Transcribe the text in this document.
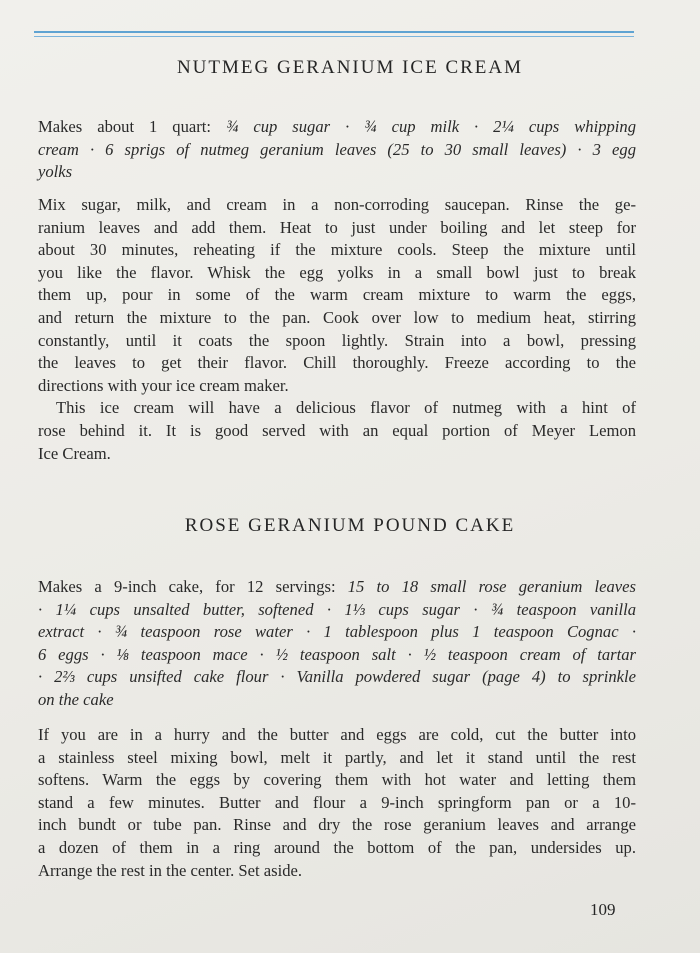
NUTMEG GERANIUM ICE CREAM
Makes about 1 quart: ¾ cup sugar · ¾ cup milk · 2¼ cups whipping
cream · 6 sprigs of nutmeg geranium leaves (25 to 30 small leaves) · 3 egg
yolks
Mix sugar, milk, and cream in a non-corroding saucepan. Rinse the ge-
ranium leaves and add them. Heat to just under boiling and let steep for
about 30 minutes, reheating if the mixture cools. Steep the mixture until
you like the flavor. Whisk the egg yolks in a small bowl just to break
them up, pour in some of the warm cream mixture to warm the eggs,
and return the mixture to the pan. Cook over low to medium heat, stirring
constantly, until it coats the spoon lightly. Strain into a bowl, pressing
the leaves to get their flavor. Chill thoroughly. Freeze according to the
directions with your ice cream maker.
This ice cream will have a delicious flavor of nutmeg with a hint of
rose behind it. It is good served with an equal portion of Meyer Lemon
Ice Cream.
ROSE GERANIUM POUND CAKE
Makes a 9-inch cake, for 12 servings: 15 to 18 small rose geranium leaves
· 1¼ cups unsalted butter, softened · 1⅓ cups sugar · ¾ teaspoon vanilla
extract · ¾ teaspoon rose water · 1 tablespoon plus 1 teaspoon Cognac ·
6 eggs · ⅛ teaspoon mace · ½ teaspoon salt · ½ teaspoon cream of tartar
· 2⅔ cups unsifted cake flour · Vanilla powdered sugar (page 4) to sprinkle
on the cake
If you are in a hurry and the butter and eggs are cold, cut the butter into
a stainless steel mixing bowl, melt it partly, and let it stand until the rest
softens. Warm the eggs by covering them with hot water and letting them
stand a few minutes. Butter and flour a 9-inch springform pan or a 10-
inch bundt or tube pan. Rinse and dry the rose geranium leaves and arrange
a dozen of them in a ring around the bottom of the pan, undersides up.
Arrange the rest in the center. Set aside.
109
